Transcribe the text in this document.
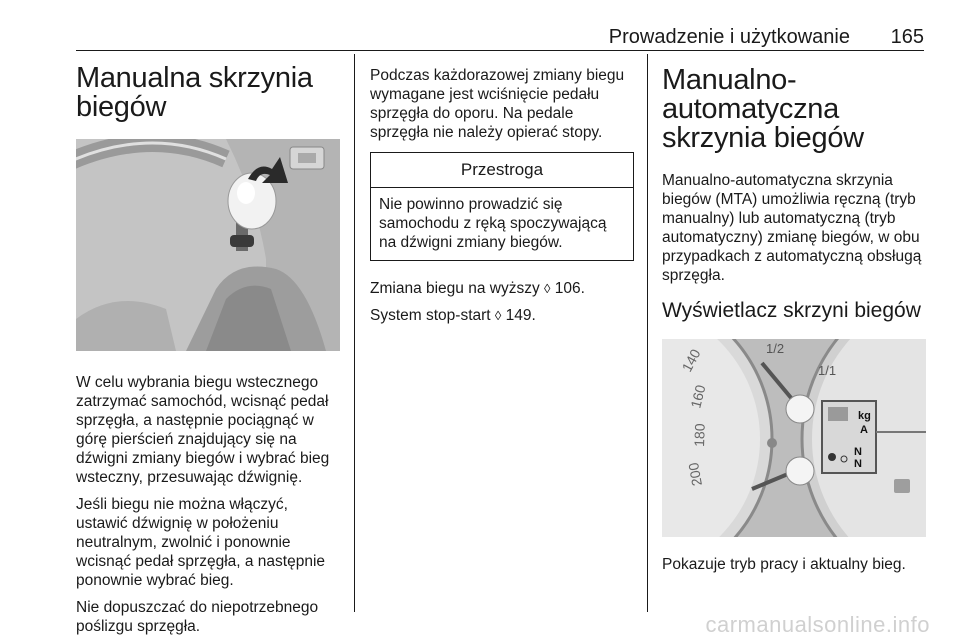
Prowadzenie i użytkowanie 165
Manualna skrzynia biegów

W celu wybrania biegu wstecznego zatrzymać samochód, wcisnąć pedał sprzęgła, a następnie pociągnąć w górę pierścień znajdujący się na dźwigni zmiany biegów i wybrać bieg wsteczny, przesuwając dźwignię.

Jeśli biegu nie można włączyć, ustawić dźwignię w położeniu neutralnym, zwolnić i ponownie wcisnąć pedał sprzęgła, a następnie ponownie wybrać bieg.

Nie dopuszczać do niepotrzebnego poślizgu sprzęgła.

Podczas każdorazowej zmiany biegu wymagane jest wciśnięcie pedału sprzęgła do oporu. Na pedale sprzęgła nie należy opierać stopy.

Przestroga
Nie powinno prowadzić się samochodu z ręką spoczywającą na dźwigni zmiany biegów.

Zmiana biegu na wyższy ◊ 106.

System stop-start ◊ 149.

Manualno-automatyczna skrzynia biegów

Manualno-automatyczna skrzynia biegów (MTA) umożliwia ręczną (tryb manualny) lub automatyczną (tryb automatyczny) zmianę biegów, w obu przypadkach z automatyczną obsługą sprzęgła.

Wyświetlacz skrzyni biegów
140
160
180
200
1/1
1/2
kg
A
N
N

Pokazuje tryb pracy i aktualny bieg.

carmanualsonline.info
